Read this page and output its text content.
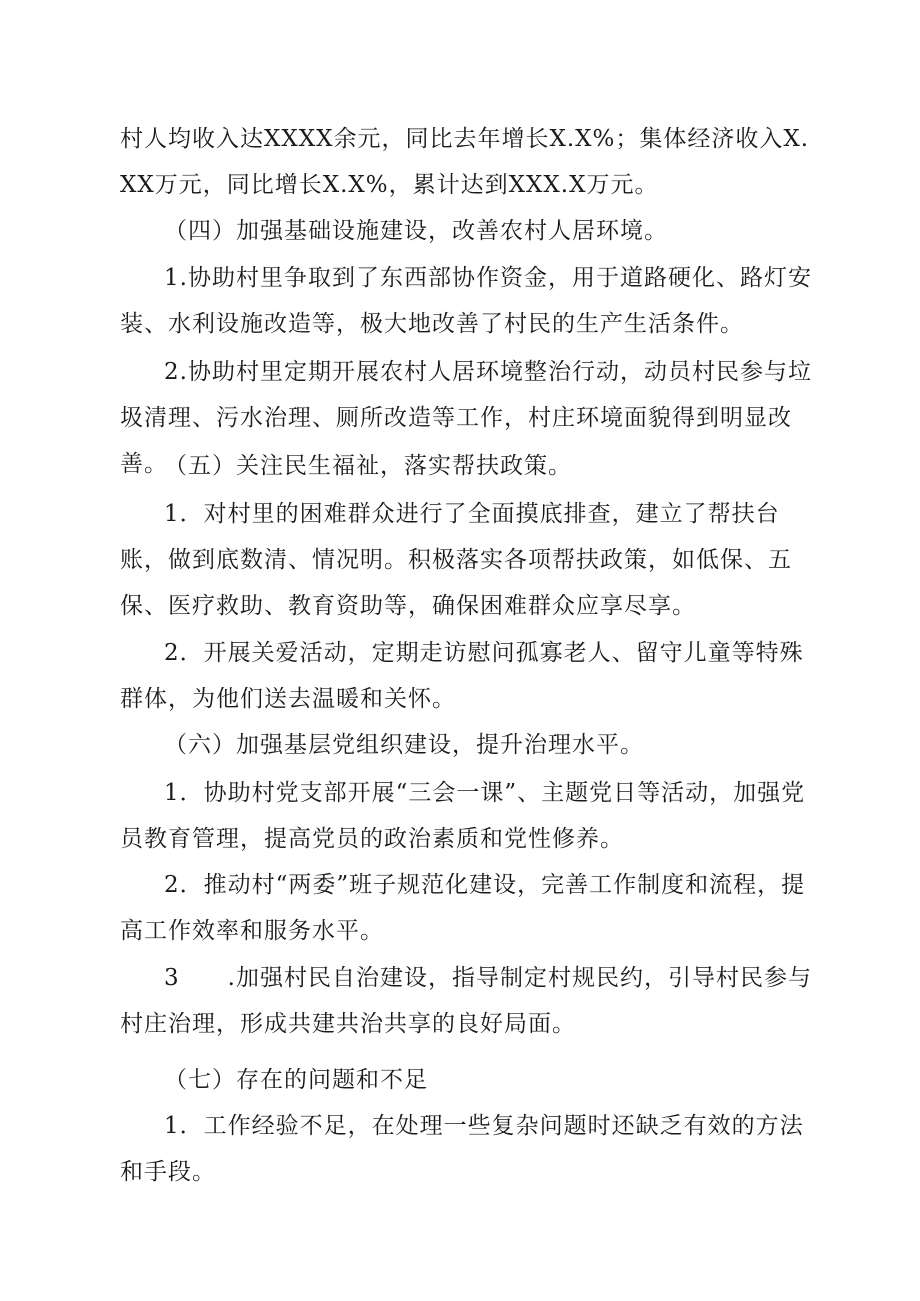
村人均收入达XXXX余元，同比去年增长X.X%；集体经济收入X.XX万元，同比增长X.X%，累计达到XXX.X万元。

（四）加强基础设施建设，改善农村人居环境。

1.协助村里争取到了东西部协作资金，用于道路硬化、路灯安装、水利设施改造等，极大地改善了村民的生产生活条件。

2.协助村里定期开展农村人居环境整治行动，动员村民参与垃圾清理、污水治理、厕所改造等工作，村庄环境面貌得到明显改善。

（五）关注民生福祉，落实帮扶政策。

1．对村里的困难群众进行了全面摸底排查，建立了帮扶台账，做到底数清、情况明。积极落实各项帮扶政策，如低保、五保、医疗救助、教育资助等，确保困难群众应享尽享。

2．开展关爱活动，定期走访慰问孤寡老人、留守儿童等特殊群体，为他们送去温暖和关怀。

（六）加强基层党组织建设，提升治理水平。

1．协助村党支部开展“三会一课”、主题党日等活动，加强党员教育管理，提高党员的政治素质和党性修养。

2．推动村“两委”班子规范化建设，完善工作制度和流程，提高工作效率和服务水平。

3　　.加强村民自治建设，指导制定村规民约，引导村民参与村庄治理，形成共建共治共享的良好局面。

（七）存在的问题和不足

1．工作经验不足，在处理一些复杂问题时还缺乏有效的方法和手段。
